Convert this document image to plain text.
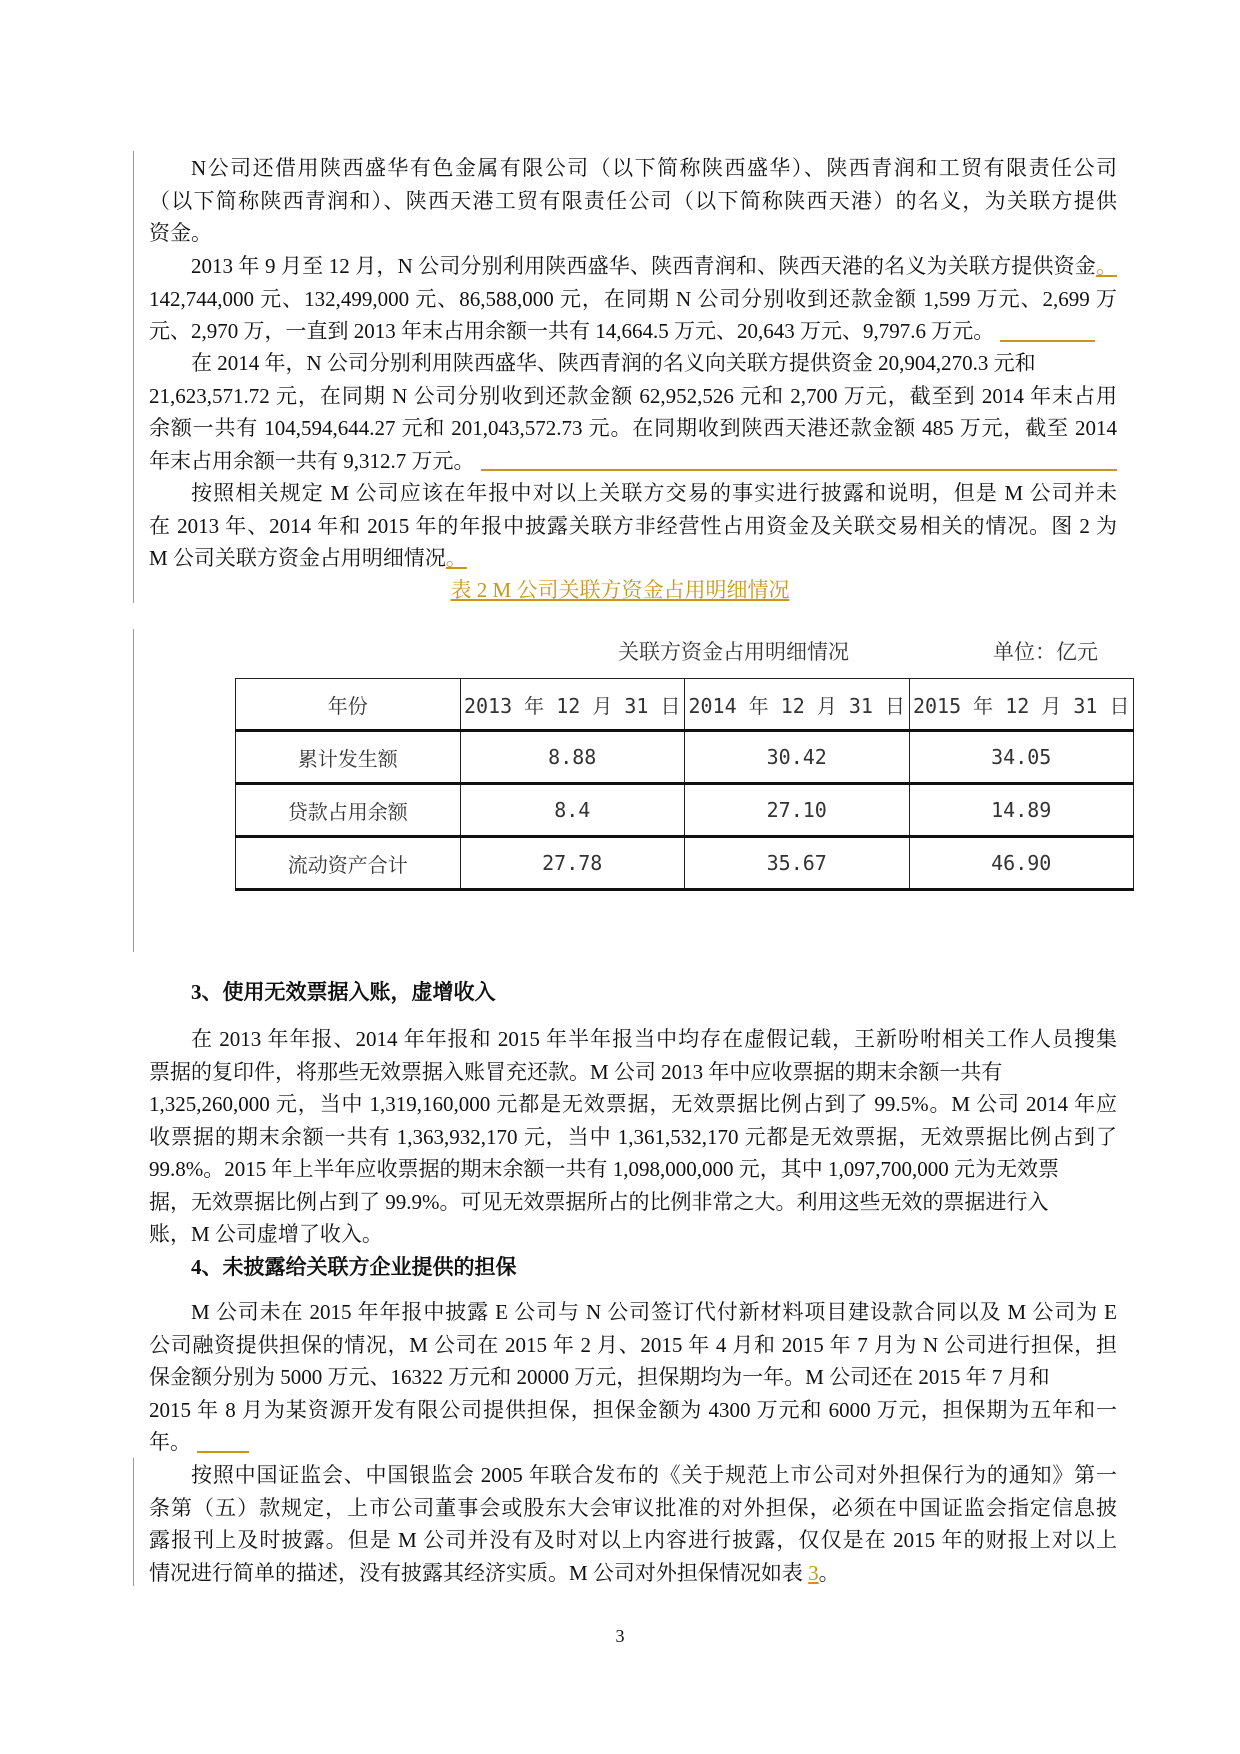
N公司还借用陕西盛华有色金属有限公司（以下简称陕西盛华）、陕西青润和工贸有限责任公司
（以下简称陕西青润和）、陕西天港工贸有限责任公司（以下简称陕西天港）的名义，为关联方提供
资金。
2013 年 9 月至 12 月，N 公司分别利用陕西盛华、陕西青润和、陕西天港的名义为关联方提供资金。
142,744,000 元、132,499,000 元、86,588,000 元，在同期 N 公司分别收到还款金额 1,599 万元、2,699 万
元、2,970 万，一直到 2013 年末占用余额一共有 14,664.5 万元、20,643 万元、9,797.6 万元。
在 2014 年，N 公司分别利用陕西盛华、陕西青润的名义向关联方提供资金 20,904,270.3 元和
21,623,571.72 元，在同期 N 公司分别收到还款金额 62,952,526 元和 2,700 万元，截至到 2014 年末占用
余额一共有 104,594,644.27 元和 201,043,572.73 元。在同期收到陕西天港还款金额 485 万元，截至 2014
年末占用余额一共有 9,312.7 万元。
按照相关规定 M 公司应该在年报中对以上关联方交易的事实进行披露和说明，但是 M 公司并未
在 2013 年、2014 年和 2015 年的年报中披露关联方非经营性占用资金及关联交易相关的情况。图 2 为
M 公司关联方资金占用明细情况。
表 2 M 公司关联方资金占用明细情况
关联方资金占用明细情况	单位：亿元
年份	2013 年 12 月 31 日	2014 年 12 月 31 日	2015 年 12 月 31 日
累计发生额	8.88	30.42	34.05
贷款占用余额	8.4	27.10	14.89
流动资产合计	27.78	35.67	46.90
3、使用无效票据入账，虚增收入
在 2013 年年报、2014 年年报和 2015 年半年报当中均存在虚假记载，王新吩咐相关工作人员搜集
票据的复印件，将那些无效票据入账冒充还款。M 公司 2013 年中应收票据的期末余额一共有
1,325,260,000 元，当中 1,319,160,000 元都是无效票据，无效票据比例占到了 99.5%。M 公司 2014 年应
收票据的期末余额一共有 1,363,932,170 元，当中 1,361,532,170 元都是无效票据，无效票据比例占到了
99.8%。2015 年上半年应收票据的期末余额一共有 1,098,000,000 元，其中 1,097,700,000 元为无效票
据，无效票据比例占到了 99.9%。可见无效票据所占的比例非常之大。利用这些无效的票据进行入
账，M 公司虚增了收入。
4、未披露给关联方企业提供的担保
M 公司未在 2015 年年报中披露 E 公司与 N 公司签订代付新材料项目建设款合同以及 M 公司为 E
公司融资提供担保的情况，M 公司在 2015 年 2 月、2015 年 4 月和 2015 年 7 月为 N 公司进行担保，担
保金额分别为 5000 万元、16322 万元和 20000 万元，担保期均为一年。M 公司还在 2015 年 7 月和
2015 年 8 月为某资源开发有限公司提供担保，担保金额为 4300 万元和 6000 万元，担保期为五年和一
年。
按照中国证监会、中国银监会 2005 年联合发布的《关于规范上市公司对外担保行为的通知》第一
条第（五）款规定，上市公司董事会或股东大会审议批准的对外担保，必须在中国证监会指定信息披
露报刊上及时披露。但是 M 公司并没有及时对以上内容进行披露，仅仅是在 2015 年的财报上对以上
情况进行简单的描述，没有披露其经济实质。M 公司对外担保情况如表 3。
3
